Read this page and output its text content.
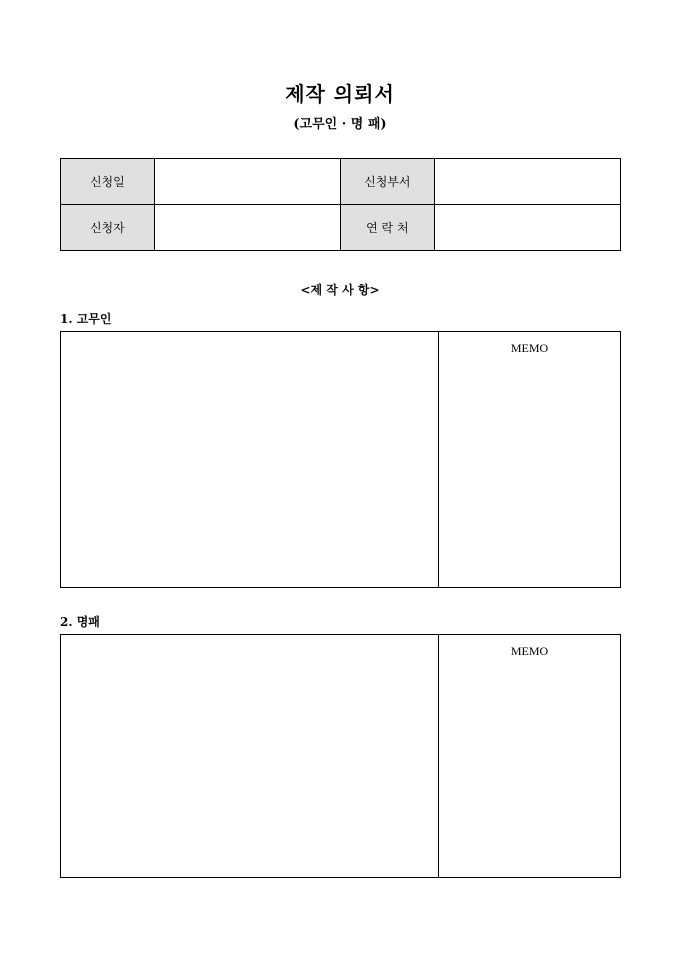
제작 의뢰서
(고무인 · 명 패)
신청일		신청부서	
신청자		연 락 처	
<제 작 사 항>
1. 고무인
MEMO
2. 명패
MEMO
